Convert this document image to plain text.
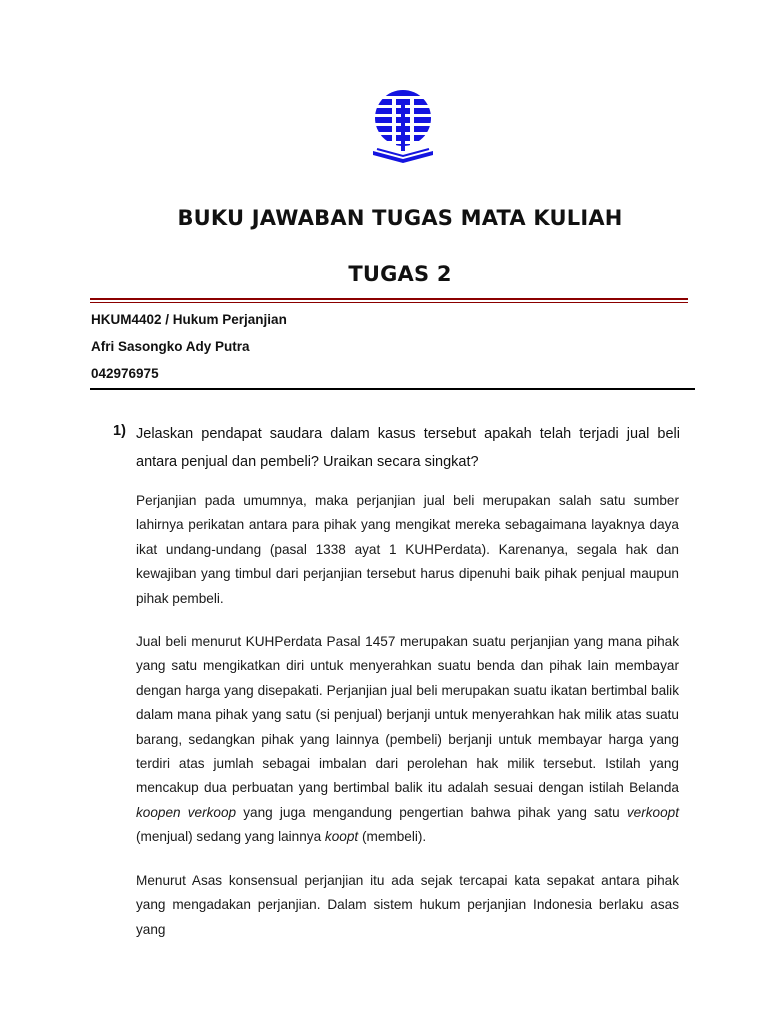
BUKU JAWABAN TUGAS MATA KULIAH
TUGAS 2
HKUM4402 / Hukum Perjanjian
Afri Sasongko Ady Putra
042976975
1) Jelaskan pendapat saudara dalam kasus tersebut apakah telah terjadi jual beli antara penjual dan pembeli? Uraikan secara singkat?

Perjanjian pada umumnya, maka perjanjian jual beli merupakan salah satu sumber lahirnya perikatan antara para pihak yang mengikat mereka sebagaimana layaknya daya ikat undang-undang (pasal 1338 ayat 1 KUHPerdata). Karenanya, segala hak dan kewajiban yang timbul dari perjanjian tersebut harus dipenuhi baik pihak penjual maupun pihak pembeli.

Jual beli menurut KUHPerdata Pasal 1457 merupakan suatu perjanjian yang mana pihak yang satu mengikatkan diri untuk menyerahkan suatu benda dan pihak lain membayar dengan harga yang disepakati. Perjanjian jual beli merupakan suatu ikatan bertimbal balik dalam mana pihak yang satu (si penjual) berjanji untuk menyerahkan hak milik atas suatu barang, sedangkan pihak yang lainnya (pembeli) berjanji untuk membayar harga yang terdiri atas jumlah sebagai imbalan dari perolehan hak milik tersebut. Istilah yang mencakup dua perbuatan yang bertimbal balik itu adalah sesuai dengan istilah Belanda koopen verkoop yang juga mengandung pengertian bahwa pihak yang satu verkoopt (menjual) sedang yang lainnya koopt (membeli).

Menurut Asas konsensual perjanjian itu ada sejak tercapai kata sepakat antara pihak yang mengadakan perjanjian. Dalam sistem hukum perjanjian Indonesia berlaku asas yang
